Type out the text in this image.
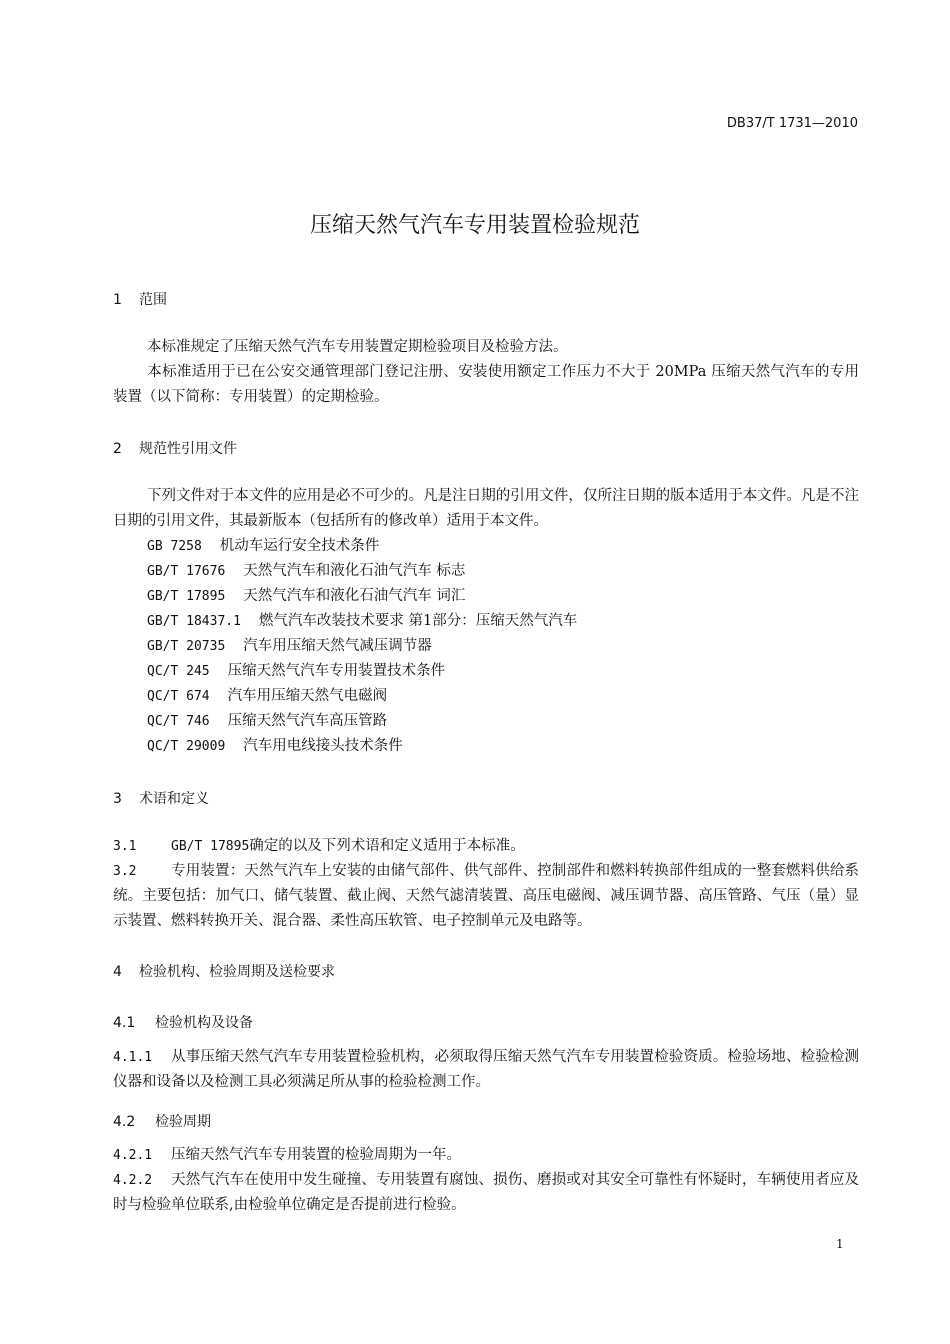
DB37/T 1731—2010
压缩天然气汽车专用装置检验规范
1 范围
本标准规定了压缩天然气汽车专用装置定期检验项目及检验方法。
本标准适用于已在公安交通管理部门登记注册、安装使用额定工作压力不大于 20MPa 压缩天然气汽车的专用装置（以下简称：专用装置）的定期检验。
2 规范性引用文件
下列文件对于本文件的应用是必不可少的。凡是注日期的引用文件，仅所注日期的版本适用于本文件。凡是不注日期的引用文件，其最新版本（包括所有的修改单）适用于本文件。
GB 7258 机动车运行安全技术条件
GB/T 17676 天然气汽车和液化石油气汽车 标志
GB/T 17895 天然气汽车和液化石油气汽车 词汇
GB/T 18437.1 燃气汽车改装技术要求 第1部分：压缩天然气汽车
GB/T 20735 汽车用压缩天然气减压调节器
QC/T 245 压缩天然气汽车专用装置技术条件
QC/T 674 汽车用压缩天然气电磁阀
QC/T 746 压缩天然气汽车高压管路
QC/T 29009 汽车用电线接头技术条件
3 术语和定义
3.1	GB/T 17895确定的以及下列术语和定义适用于本标准。
3.2 专用装置：天然气汽车上安装的由储气部件、供气部件、控制部件和燃料转换部件组成的一整套燃料供给系统。主要包括：加气口、储气装置、截止阀、天然气滤清装置、高压电磁阀、减压调节器、高压管路、气压（量）显示装置、燃料转换开关、混合器、柔性高压软管、电子控制单元及电路等。
4 检验机构、检验周期及送检要求
4.1 检验机构及设备
4.1.1 从事压缩天然气汽车专用装置检验机构，必须取得压缩天然气汽车专用装置检验资质。检验场地、检验检测仪器和设备以及检测工具必须满足所从事的检验检测工作。
4.2 检验周期
4.2.1 压缩天然气汽车专用装置的检验周期为一年。
4.2.2 天然气汽车在使用中发生碰撞、专用装置有腐蚀、损伤、磨损或对其安全可靠性有怀疑时，车辆使用者应及时与检验单位联系,由检验单位确定是否提前进行检验。
1
